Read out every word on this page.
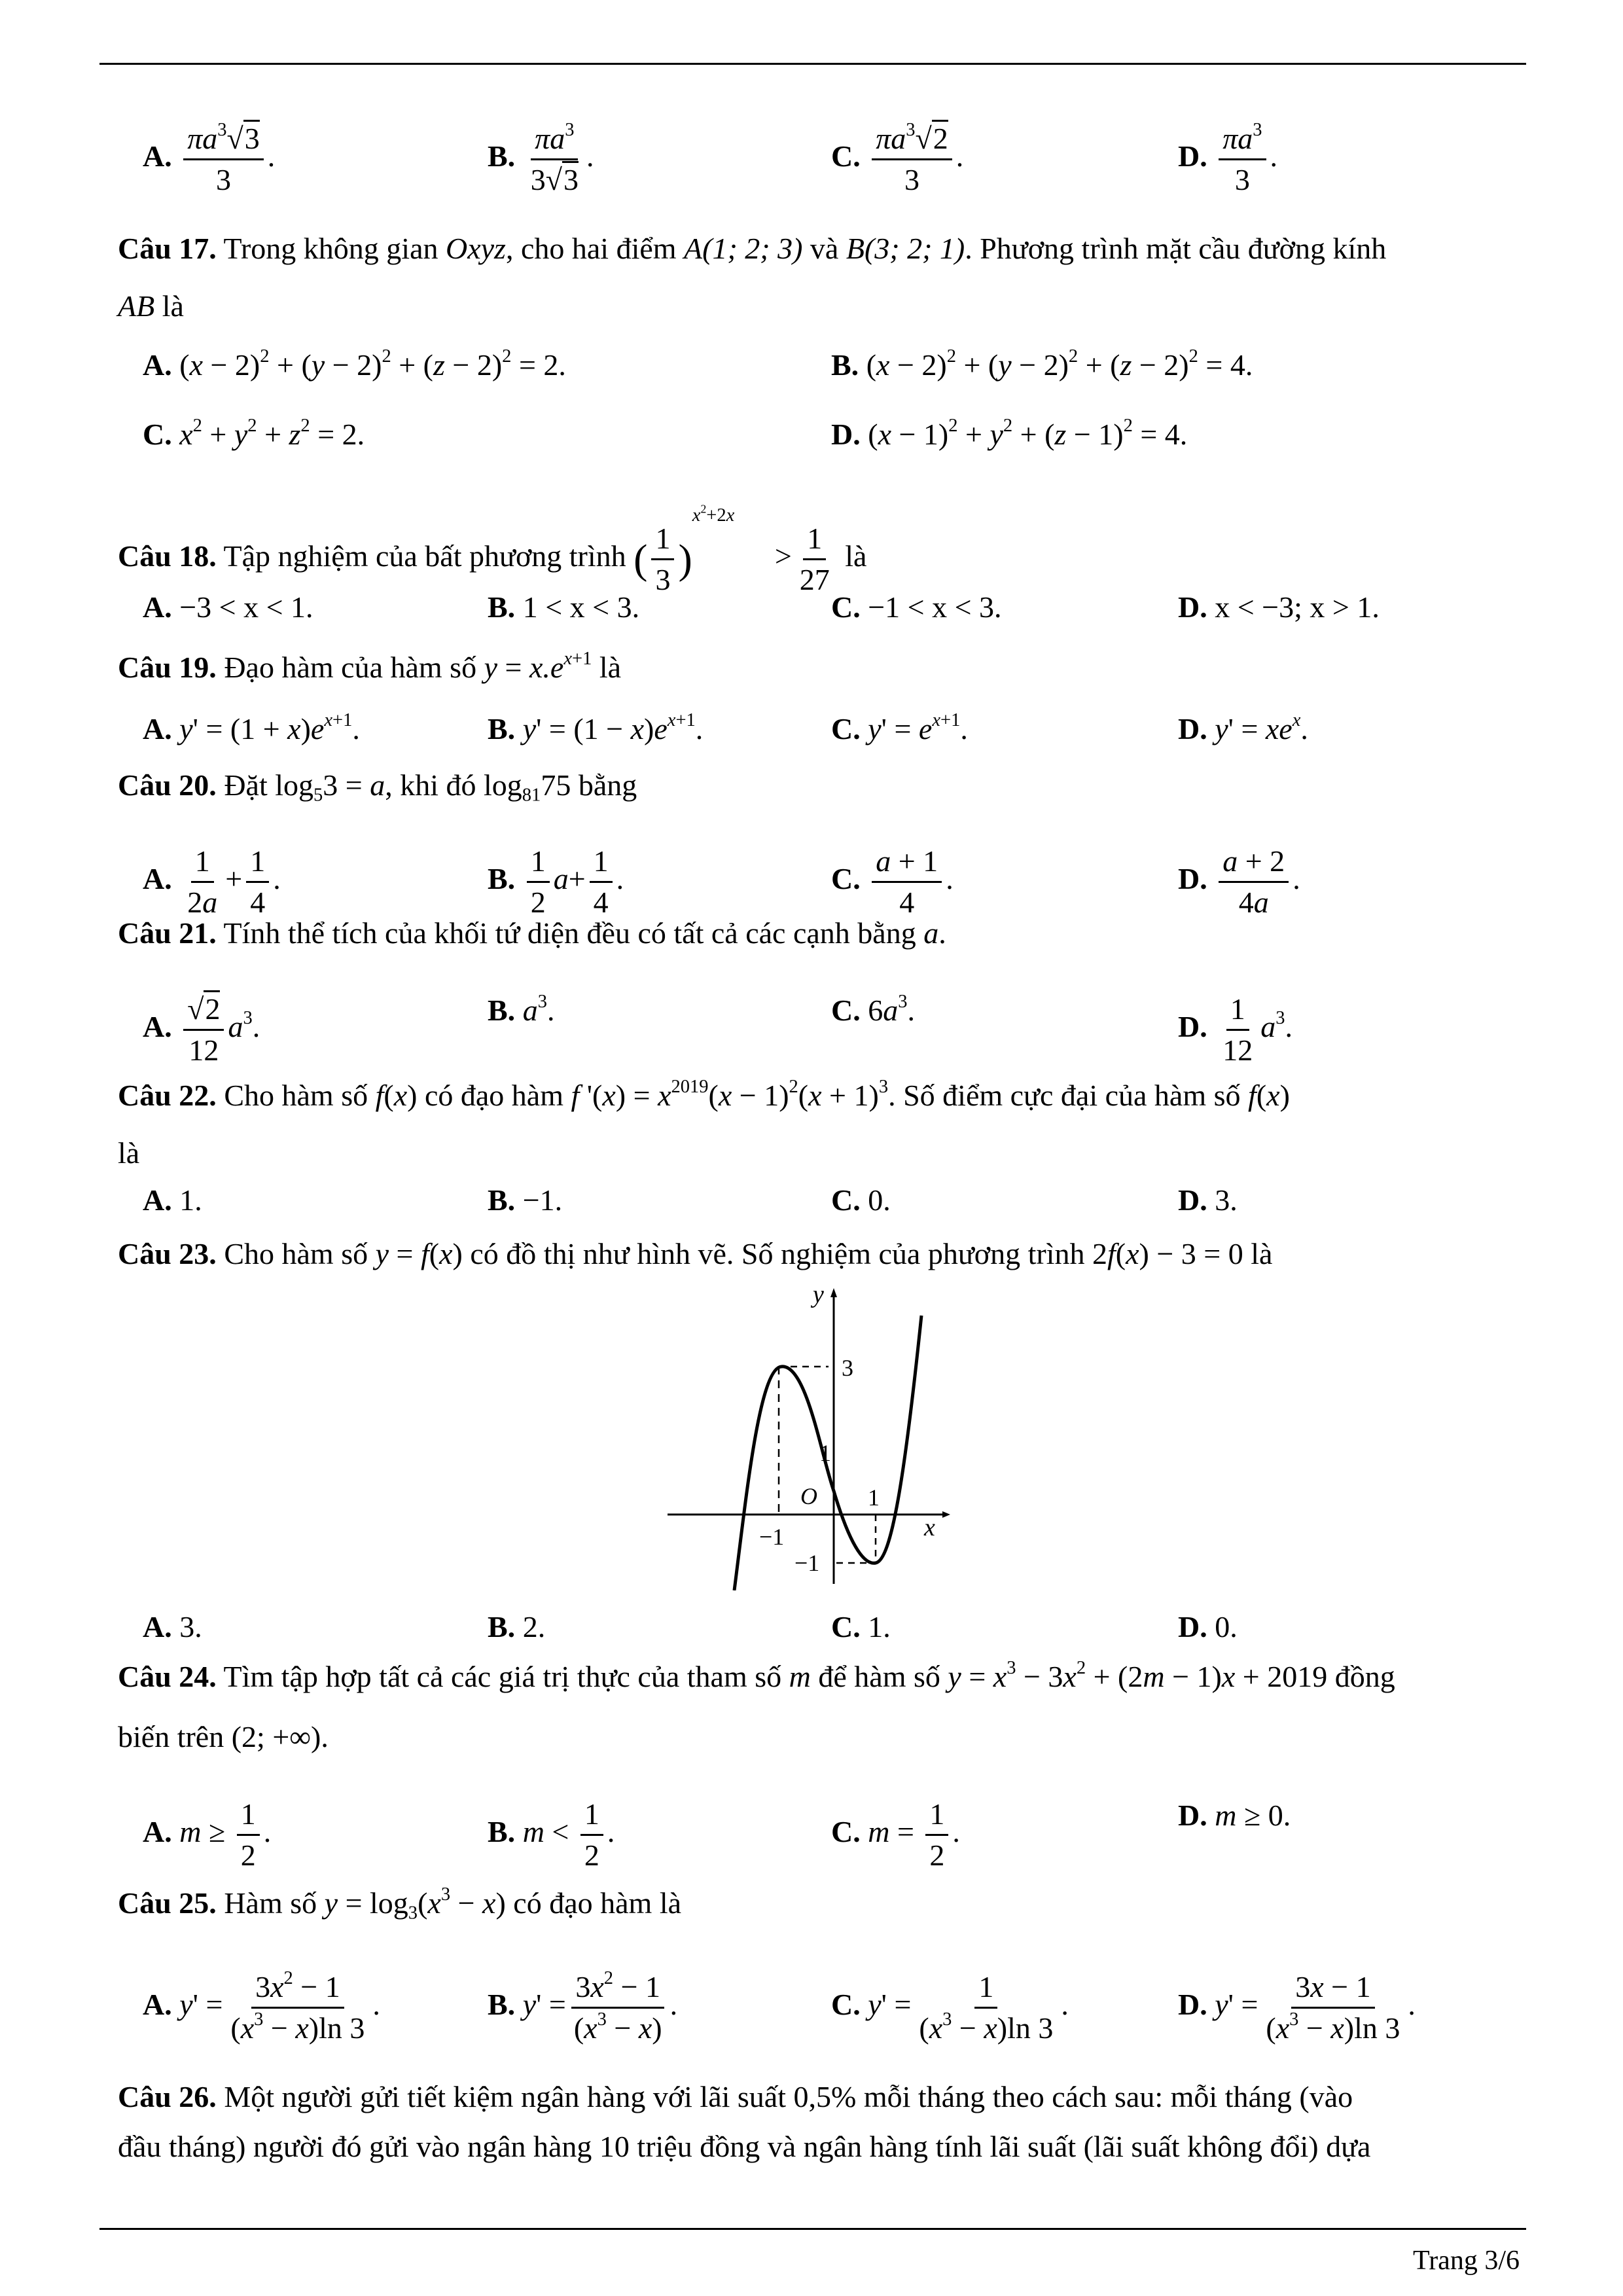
A. $\frac{\pi a^3√3}{3}$ .	B. $\frac{\pi a^3}{3√3}$ .	C. $\frac{\pi a^3√2}{3}$ .	D. $\frac{\pi a^3}{3}$ .
Câu 17. Trong không gian Oxyz, cho hai điểm A(1; 2; 3) và B(3; 2; 1). Phương trình mặt cầu đường kính
AB là
A. $(x - 2)^2 + (y - 2)^2 + (z - 2)^2 = 2$.	B. $(x - 2)^2 + (y - 2)^2 + (z - 2)^2 = 4$.
C. $x^2 + y^2 + z^2 = 2$.	D. $(x - 1)^2 + y^2 + (z - 1)^2 = 4$.
Câu 18. Tập nghiệm của bất phương trình ( $\frac{1}{3} )^{x^2+2x} > \frac{1}{27}$ là
A. −3 < x < 1.	B. 1 < x < 3.	C. −1 < x < 3.	D. x < −3; x > 1.
Câu 19. Đạo hàm của hàm số $y = x.e^{x+1}$ là
A. $y' = (1 + x)e^{x+1}$.	B. $y' = (1 - x)e^{x+1}$.	C. $y' = e^{x+1}$.	D. $y' = xe^x$.
Câu 20. Đặt $\log_53 = a$, khi đó $\log_{81}75$ bằng
A. $\frac{1}{2a} + \frac{1}{4}$ .	B. $\frac{1}{2} a+ \frac{1}{4}$ .	C. $\frac{a + 1}{4}$ .	D. $\frac{a + 2}{4a}$ .
Câu 21. Tính thể tích của khối tứ diện đều có tất cả các cạnh bằng a.
A. $\frac{√2}{12} a^3$.	B. $a^3$.	C. $6a^3$.	D. $\frac{1}{12} a^3$.
Câu 22. Cho hàm số f(x) có đạo hàm f '$(x) = x^{2019}(x - 1)^2(x + 1)^3$. Số điểm cực đại của hàm số f(x)
là
A. 1.	B. −1.	C. 0.	D. 3.
Câu 23. Cho hàm số y = f(x) có đồ thị như hình vẽ. Số nghiệm của phương trình 2f(x) − 3 = 0 là
y
x
3
1
1
O
−1
−1
A. 3.	B. 2.	C. 1.	D. 0.
Câu 24. Tìm tập hợp tất cả các giá trị thực của tham số m để hàm số $y = x^3 - 3x^2 + (2m - 1)x + 2019$ đồng
biến trên (2; +∞).
A. $m \ge \frac{1}{2}$ .	B. $m < \frac{1}{2}$ .	C. $m = \frac{1}{2}$ .	D. m ≥ 0.
Câu 25. Hàm số $y = \log_3(x^3 - x)$ có đạo hàm là
A. $y' = \frac{3x^2 - 1}{(x^3 - x)\ln 3}$ .	B. $y' = \frac{3x^2 - 1}{(x^3 - x)}$ .	C. $y' = \frac{1}{(x^3 - x)\ln 3}$ .	D. $y' = \frac{3x - 1}{(x^3 - x)\ln 3}$ .
Câu 26. Một người gửi tiết kiệm ngân hàng với lãi suất 0,5% mỗi tháng theo cách sau: mỗi tháng (vào
đầu tháng) người đó gửi vào ngân hàng 10 triệu đồng và ngân hàng tính lãi suất (lãi suất không đổi) dựa
Trang 3/6
